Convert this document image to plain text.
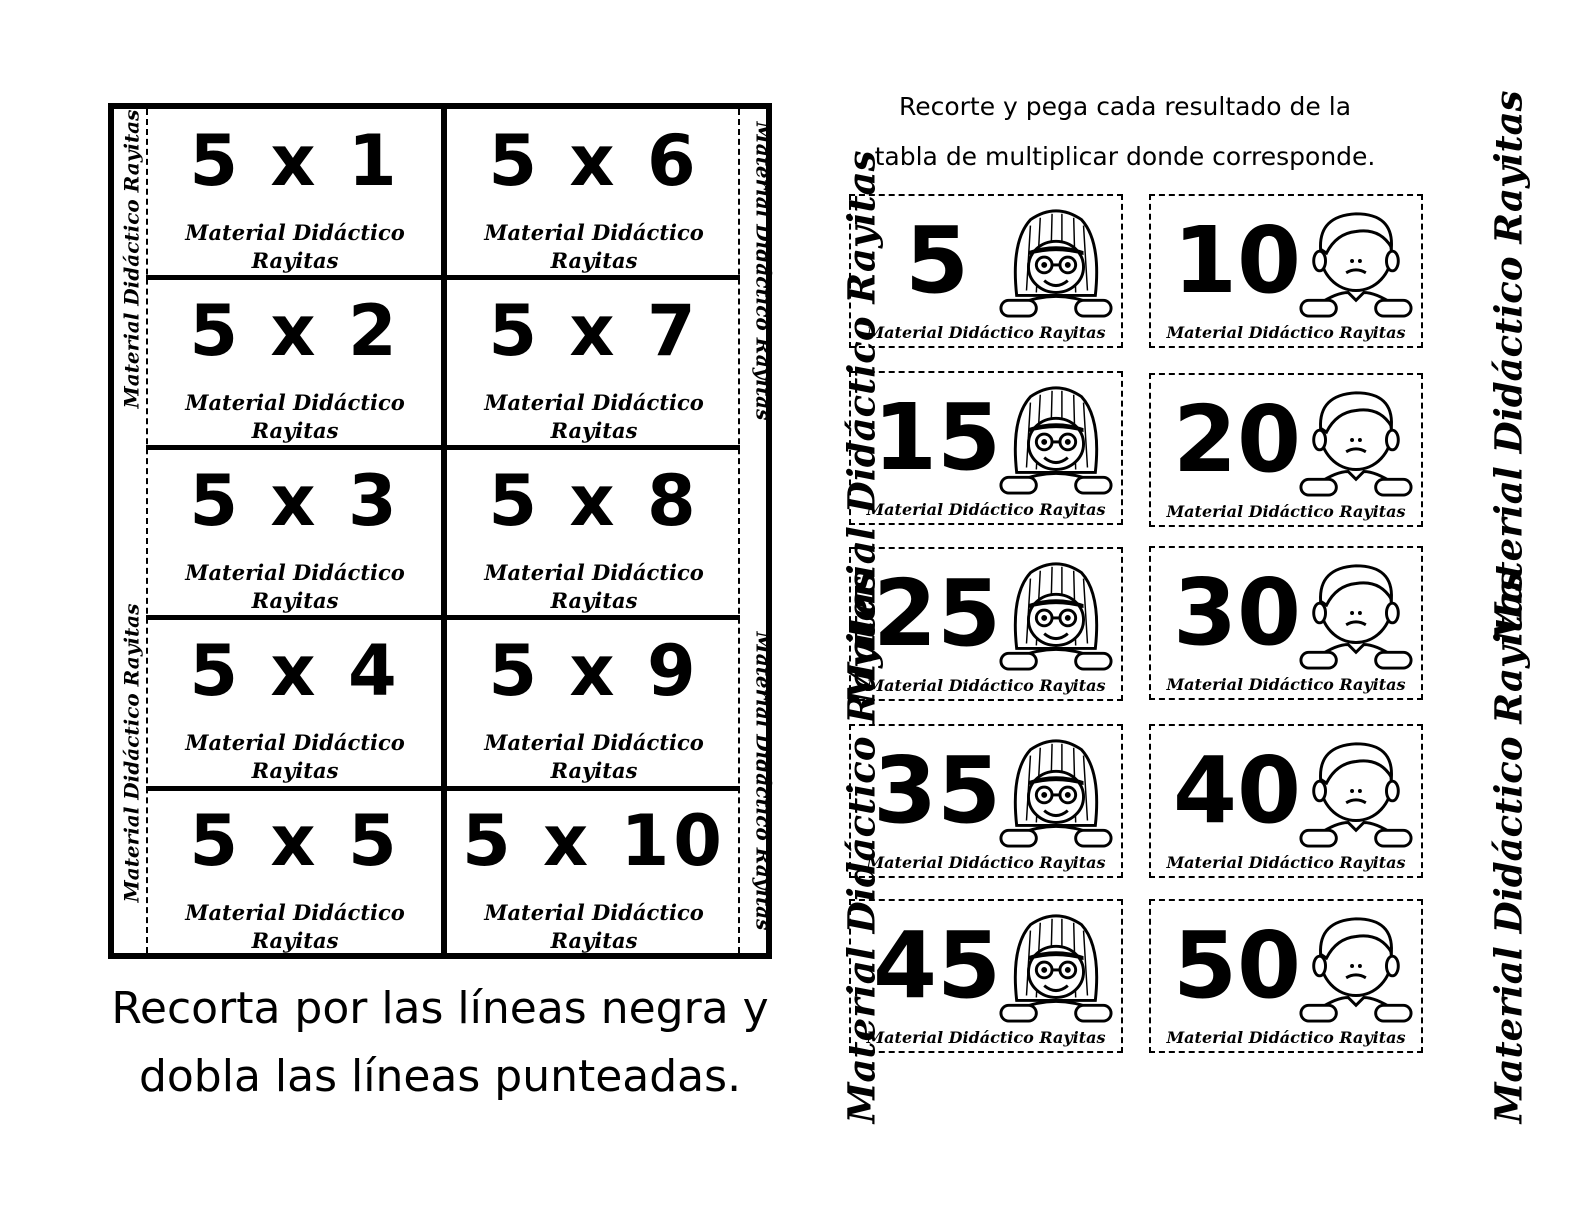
Material Didáctico Rayitas
Material Didáctico Rayitas
Material Didáctico Rayitas
Material Didáctico Rayitas
5 x 1
Material Didáctico
Rayitas
5 x 6
Material Didáctico
Rayitas
5 x 2
Material Didáctico
Rayitas
5 x 7
Material Didáctico
Rayitas
5 x 3
Material Didáctico
Rayitas
5 x 8
Material Didáctico
Rayitas
5 x 4
Material Didáctico
Rayitas
5 x 9
Material Didáctico
Rayitas
5 x 5
Material Didáctico
Rayitas
5 x 10
Material Didáctico
Rayitas
Recorta por las líneas negra y
dobla las líneas punteadas.
Recorte y pega cada resultado de la
tabla de multiplicar donde corresponde.
Material Didáctico Rayitas
Material Didáctico Rayitas
Material Didáctico Rayitas
Material Didáctico Rayitas
5
Material Didáctico Rayitas
10
Material Didáctico Rayitas
15
Material Didáctico Rayitas
20
Material Didáctico Rayitas
25
Material Didáctico Rayitas
30
Material Didáctico Rayitas
35
Material Didáctico Rayitas
40
Material Didáctico Rayitas
45
Material Didáctico Rayitas
50
Material Didáctico Rayitas
